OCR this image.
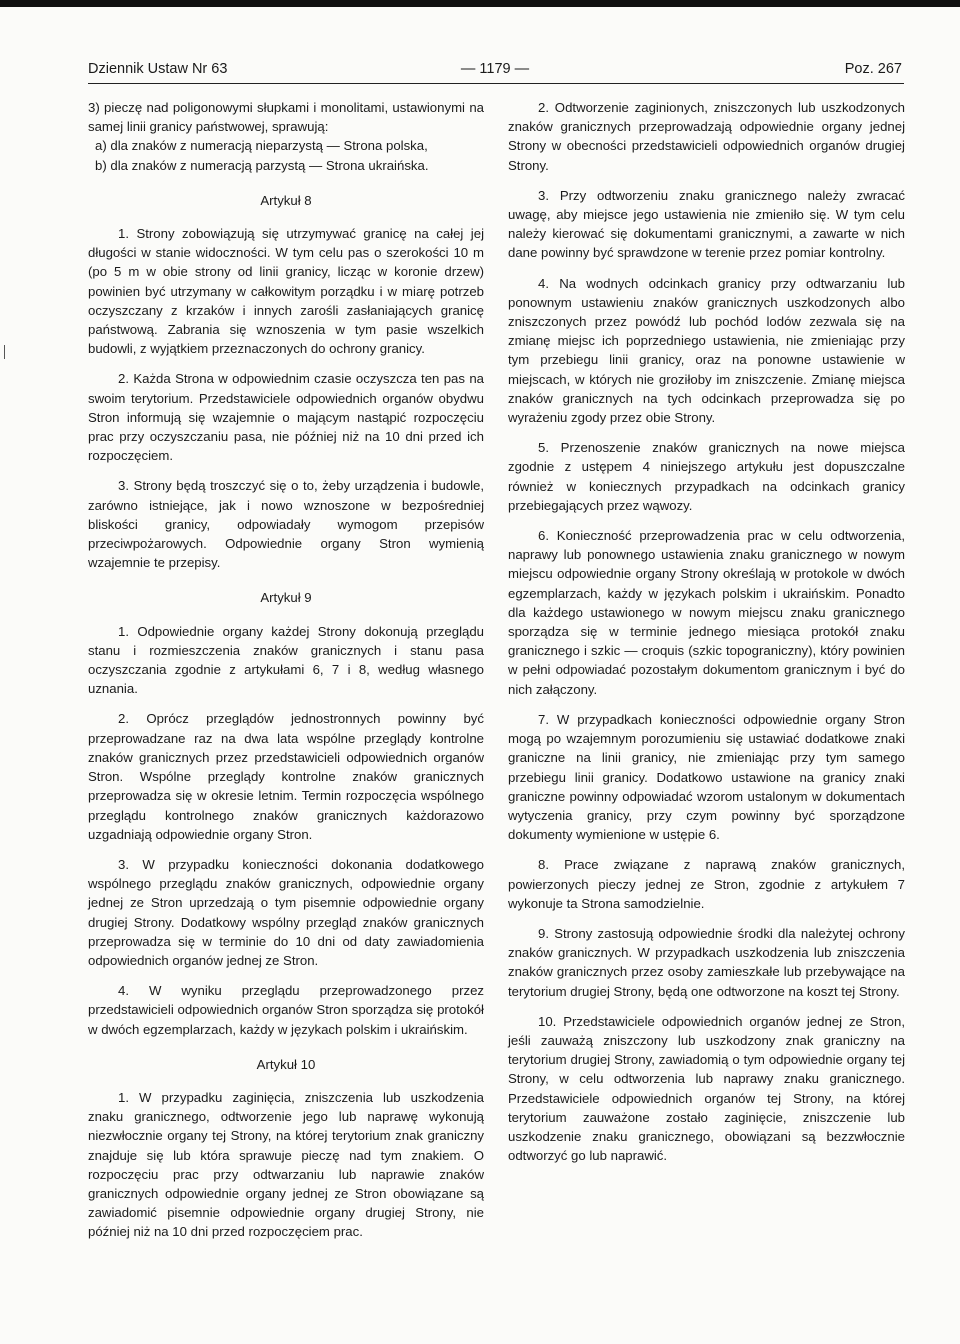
Dziennik Ustaw Nr 63	— 1179 —	Poz. 267

3) pieczę nad poligonowymi słupkami i monolitami, ustawionymi na samej linii granicy państwowej, sprawują:

a) dla znaków z numeracją nieparzystą — Strona polska,

b) dla znaków z numeracją parzystą — Strona ukraińska.

Artykuł 8

1. Strony zobowiązują się utrzymywać granicę na całej jej długości w stanie widoczności. W tym celu pas o szerokości 10 m (po 5 m w obie strony od linii granicy, licząc w koronie drzew) powinien być utrzymany w całkowitym porządku i w miarę potrzeb oczyszczany z krzaków i innych zarośli zasłaniających granicę państwową. Zabrania się wznoszenia w tym pasie wszelkich budowli, z wyjątkiem przeznaczonych do ochrony granicy.

2. Każda Strona w odpowiednim czasie oczyszcza ten pas na swoim terytorium. Przedstawiciele odpowiednich organów obydwu Stron informują się wzajemnie o mającym nastąpić rozpoczęciu prac przy oczyszczaniu pasa, nie później niż na 10 dni przed ich rozpoczęciem.

3. Strony będą troszczyć się o to, żeby urządzenia i budowle, zarówno istniejące, jak i nowo wznoszone w bezpośredniej bliskości granicy, odpowiadały wymogom przepisów przeciwpożarowych. Odpowiednie organy Stron wymienią wzajemnie te przepisy.

Artykuł 9

1. Odpowiednie organy każdej Strony dokonują przeglądu stanu i rozmieszczenia znaków granicznych i stanu pasa oczyszczania zgodnie z artykułami 6, 7 i 8, według własnego uznania.

2. Oprócz przeglądów jednostronnych powinny być przeprowadzane raz na dwa lata wspólne przeglądy kontrolne znaków granicznych przez przedstawicieli odpowiednich organów Stron. Wspólne przeglądy kontrolne znaków granicznych przeprowadza się w okresie letnim. Termin rozpoczęcia wspólnego przeglądu kontrolnego znaków granicznych każdorazowo uzgadniają odpowiednie organy Stron.

3. W przypadku konieczności dokonania dodatkowego wspólnego przeglądu znaków granicznych, odpowiednie organy jednej ze Stron uprzedzają o tym pisemnie odpowiednie organy drugiej Strony. Dodatkowy wspólny przegląd znaków granicznych przeprowadza się w terminie do 10 dni od daty zawiadomienia odpowiednich organów jednej ze Stron.

4. W wyniku przeglądu przeprowadzonego przez przedstawicieli odpowiednich organów Stron sporządza się protokół w dwóch egzemplarzach, każdy w językach polskim i ukraińskim.

Artykuł 10

1. W przypadku zaginięcia, zniszczenia lub uszkodzenia znaku granicznego, odtworzenie jego lub naprawę wykonują niezwłocznie organy tej Strony, na której terytorium znak graniczny znajduje się lub która sprawuje pieczę nad tym znakiem. O rozpoczęciu prac przy odtwarzaniu lub naprawie znaków granicznych odpowiednie organy jednej ze Stron obowiązane są zawiadomić pisemnie odpowiednie organy drugiej Strony, nie później niż na 10 dni przed rozpoczęciem prac.

2. Odtworzenie zaginionych, zniszczonych lub uszkodzonych znaków granicznych przeprowadzają odpowiednie organy jednej Strony w obecności przedstawicieli odpowiednich organów drugiej Strony.

3. Przy odtworzeniu znaku granicznego należy zwracać uwagę, aby miejsce jego ustawienia nie zmieniło się. W tym celu należy kierować się dokumentami granicznymi, a zawarte w nich dane powinny być sprawdzone w terenie przez pomiar kontrolny.

4. Na wodnych odcinkach granicy przy odtwarzaniu lub ponownym ustawieniu znaków granicznych uszkodzonych albo zniszczonych przez powódź lub pochód lodów zezwala się na zmianę miejsc ich poprzedniego ustawienia, nie zmieniając przy tym przebiegu linii granicy, oraz na ponowne ustawienie w miejscach, w których nie groziłoby im zniszczenie. Zmianę miejsca znaków granicznych na tych odcinkach przeprowadza się po wyrażeniu zgody przez obie Strony.

5. Przenoszenie znaków granicznych na nowe miejsca zgodnie z ustępem 4 niniejszego artykułu jest dopuszczalne również w koniecznych przypadkach na odcinkach granicy przebiegających przez wąwozy.

6. Konieczność przeprowadzenia prac w celu odtworzenia, naprawy lub ponownego ustawienia znaku granicznego w nowym miejscu odpowiednie organy Strony określają w protokole w dwóch egzemplarzach, każdy w językach polskim i ukraińskim. Ponadto dla każdego ustawionego w nowym miejscu znaku granicznego sporządza się w terminie jednego miesiąca protokół znaku granicznego i szkic — croquis (szkic topograniczny), który powinien w pełni odpowiadać pozostałym dokumentom granicznym i być do nich załączony.

7. W przypadkach konieczności odpowiednie organy Stron mogą po wzajemnym porozumieniu się ustawiać dodatkowe znaki graniczne na linii granicy, nie zmieniając przy tym samego przebiegu linii granicy. Dodatkowo ustawione na granicy znaki graniczne powinny odpowiadać wzorom ustalonym w dokumentach wytyczenia granicy, przy czym powinny być sporządzone dokumenty wymienione w ustępie 6.

8. Prace związane z naprawą znaków granicznych, powierzonych pieczy jednej ze Stron, zgodnie z artykułem 7 wykonuje ta Strona samodzielnie.

9. Strony zastosują odpowiednie środki dla należytej ochrony znaków granicznych. W przypadkach uszkodzenia lub zniszczenia znaków granicznych przez osoby zamieszkałe lub przebywające na terytorium drugiej Strony, będą one odtworzone na koszt tej Strony.

10. Przedstawiciele odpowiednich organów jednej ze Stron, jeśli zauważą zniszczony lub uszkodzony znak graniczny na terytorium drugiej Strony, zawiadomią o tym odpowiednie organy tej Strony, w celu odtworzenia lub naprawy znaku granicznego. Przedstawiciele odpowiednich organów tej Strony, na której terytorium zauważone zostało zaginięcie, zniszczenie lub uszkodzenie znaku granicznego, obowiązani są bezzwłocznie odtworzyć go lub naprawić.
